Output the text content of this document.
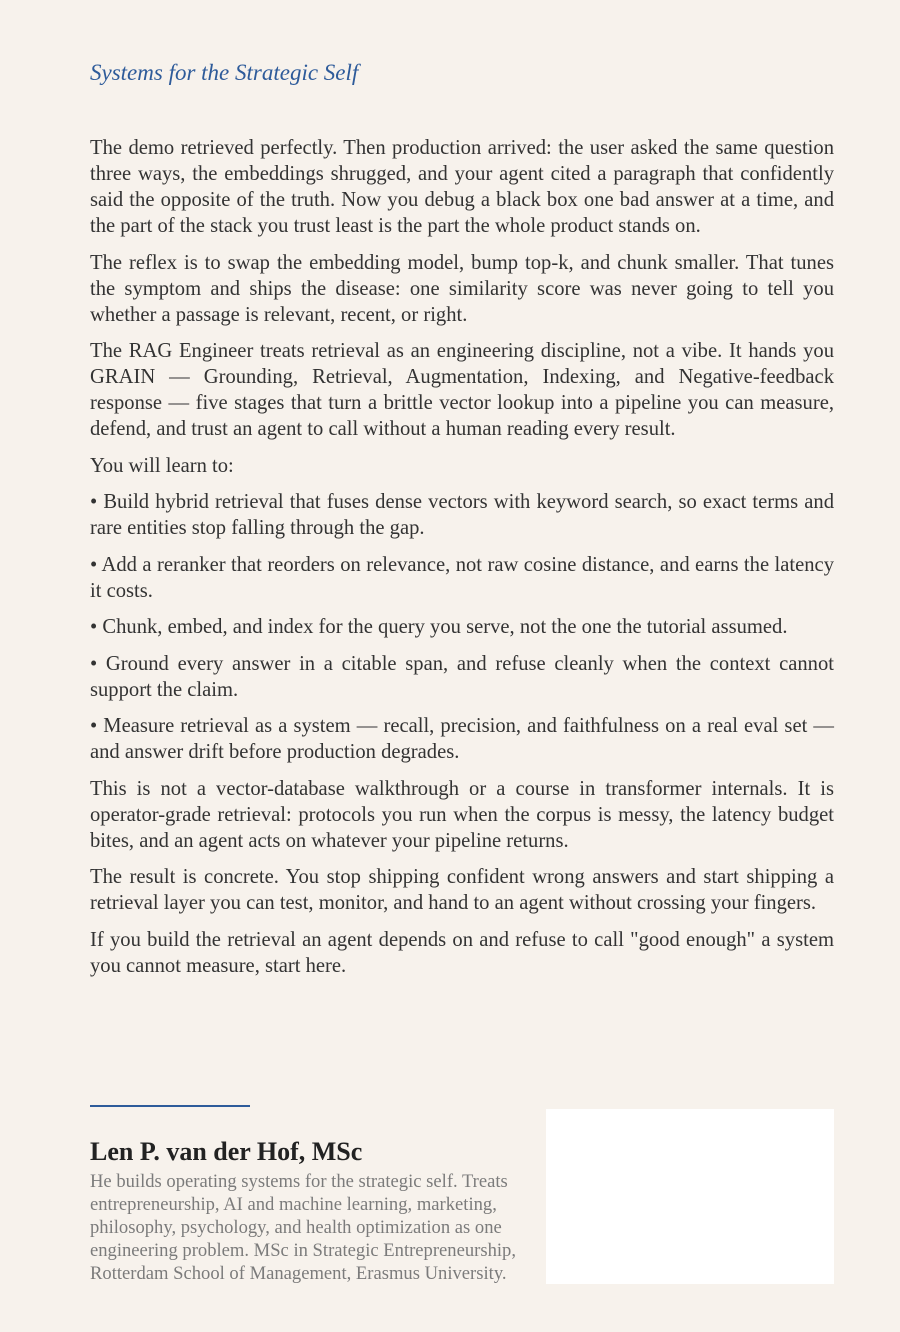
Systems for the Strategic Self

The demo retrieved perfectly. Then production arrived: the user asked the same question three ways, the embeddings shrugged, and your agent cited a paragraph that confidently said the opposite of the truth. Now you debug a black box one bad answer at a time, and the part of the stack you trust least is the part the whole product stands on.

The reflex is to swap the embedding model, bump top-k, and chunk smaller. That tunes the symptom and ships the disease: one similarity score was never going to tell you whether a passage is relevant, recent, or right.

The RAG Engineer treats retrieval as an engineering discipline, not a vibe. It hands you GRAIN — Grounding, Retrieval, Augmentation, Indexing, and Negative-feedback response — five stages that turn a brittle vector lookup into a pipeline you can measure, defend, and trust an agent to call without a human reading every result.

You will learn to:

• Build hybrid retrieval that fuses dense vectors with keyword search, so exact terms and rare entities stop falling through the gap.

• Add a reranker that reorders on relevance, not raw cosine distance, and earns the latency it costs.

• Chunk, embed, and index for the query you serve, not the one the tutorial assumed.

• Ground every answer in a citable span, and refuse cleanly when the context cannot support the claim.

• Measure retrieval as a system — recall, precision, and faithfulness on a real eval set — and answer drift before production degrades.

This is not a vector-database walkthrough or a course in transformer internals. It is operator-grade retrieval: protocols you run when the corpus is messy, the latency budget bites, and an agent acts on whatever your pipeline returns.

The result is concrete. You stop shipping confident wrong answers and start shipping a retrieval layer you can test, monitor, and hand to an agent without crossing your fingers.

If you build the retrieval an agent depends on and refuse to call "good enough" a system you cannot measure, start here.

Len P. van der Hof, MSc
He builds operating systems for the strategic self. Treats entrepreneurship, AI and machine learning, marketing, philosophy, psychology, and health optimization as one engineering problem. MSc in Strategic Entrepreneurship, Rotterdam School of Management, Erasmus University.
